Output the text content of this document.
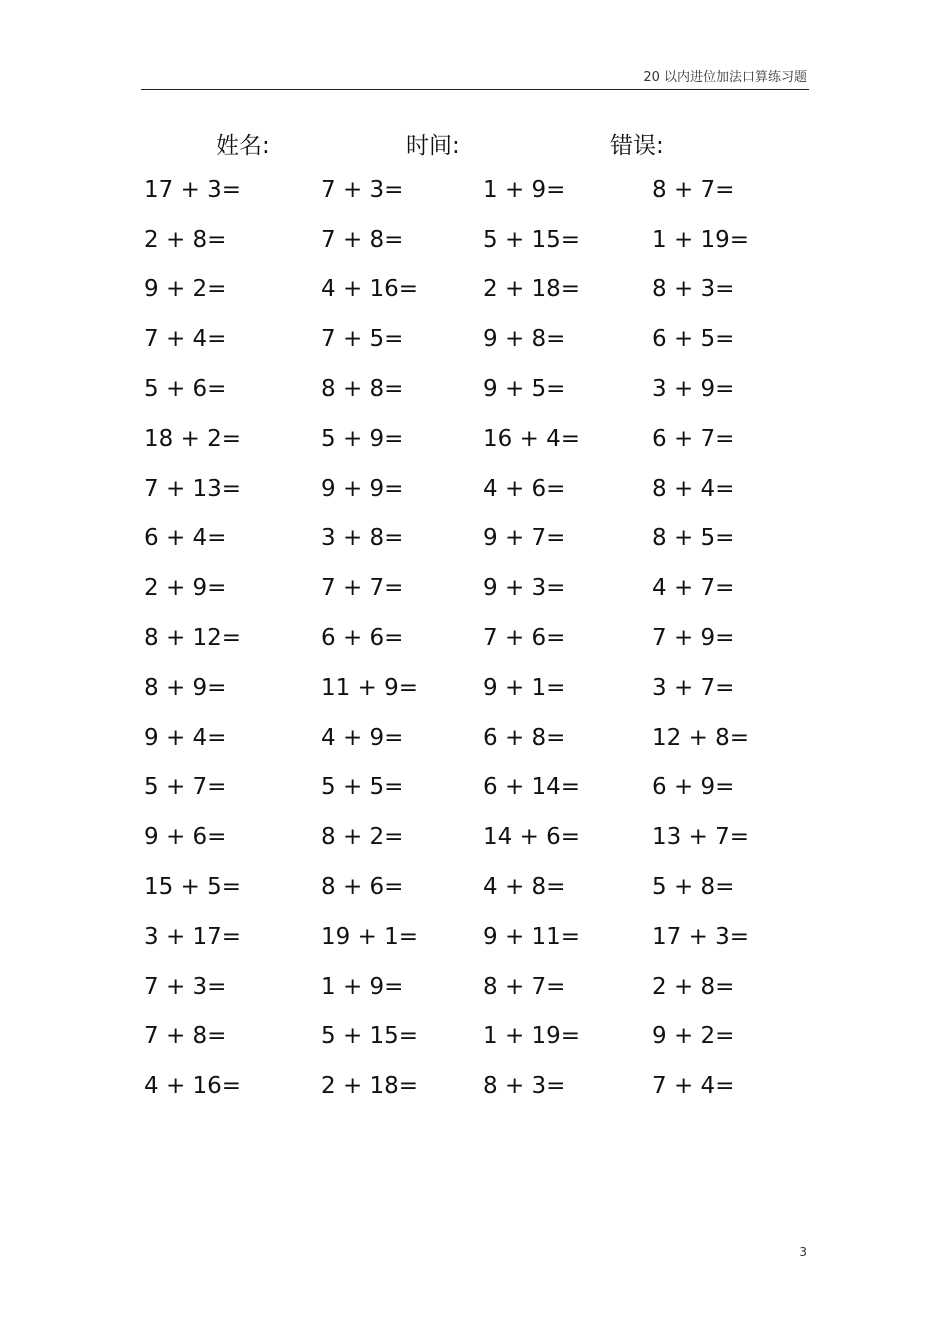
20 以内进位加法口算练习题
姓名:	时间:	错误:
17 + 3=	7 + 3=	1 + 9=	8 + 7=
2 + 8=	7 + 8=	5 + 15=	1 + 19=
9 + 2=	4 + 16=	2 + 18=	8 + 3=
7 + 4=	7 + 5=	9 + 8=	6 + 5=
5 + 6=	8 + 8=	9 + 5=	3 + 9=
18 + 2=	5 + 9=	16 + 4=	6 + 7=
7 + 13=	9 + 9=	4 + 6=	8 + 4=
6 + 4=	3 + 8=	9 + 7=	8 + 5=
2 + 9=	7 + 7=	9 + 3=	4 + 7=
8 + 12=	6 + 6=	7 + 6=	7 + 9=
8 + 9=	11 + 9=	9 + 1=	3 + 7=
9 + 4=	4 + 9=	6 + 8=	12 + 8=
5 + 7=	5 + 5=	6 + 14=	6 + 9=
9 + 6=	8 + 2=	14 + 6=	13 + 7=
15 + 5=	8 + 6=	4 + 8=	5 + 8=
3 + 17=	19 + 1=	9 + 11=	17 + 3=
7 + 3=	1 + 9=	8 + 7=	2 + 8=
7 + 8=	5 + 15=	1 + 19=	9 + 2=
4 + 16=	2 + 18=	8 + 3=	7 + 4=
3
